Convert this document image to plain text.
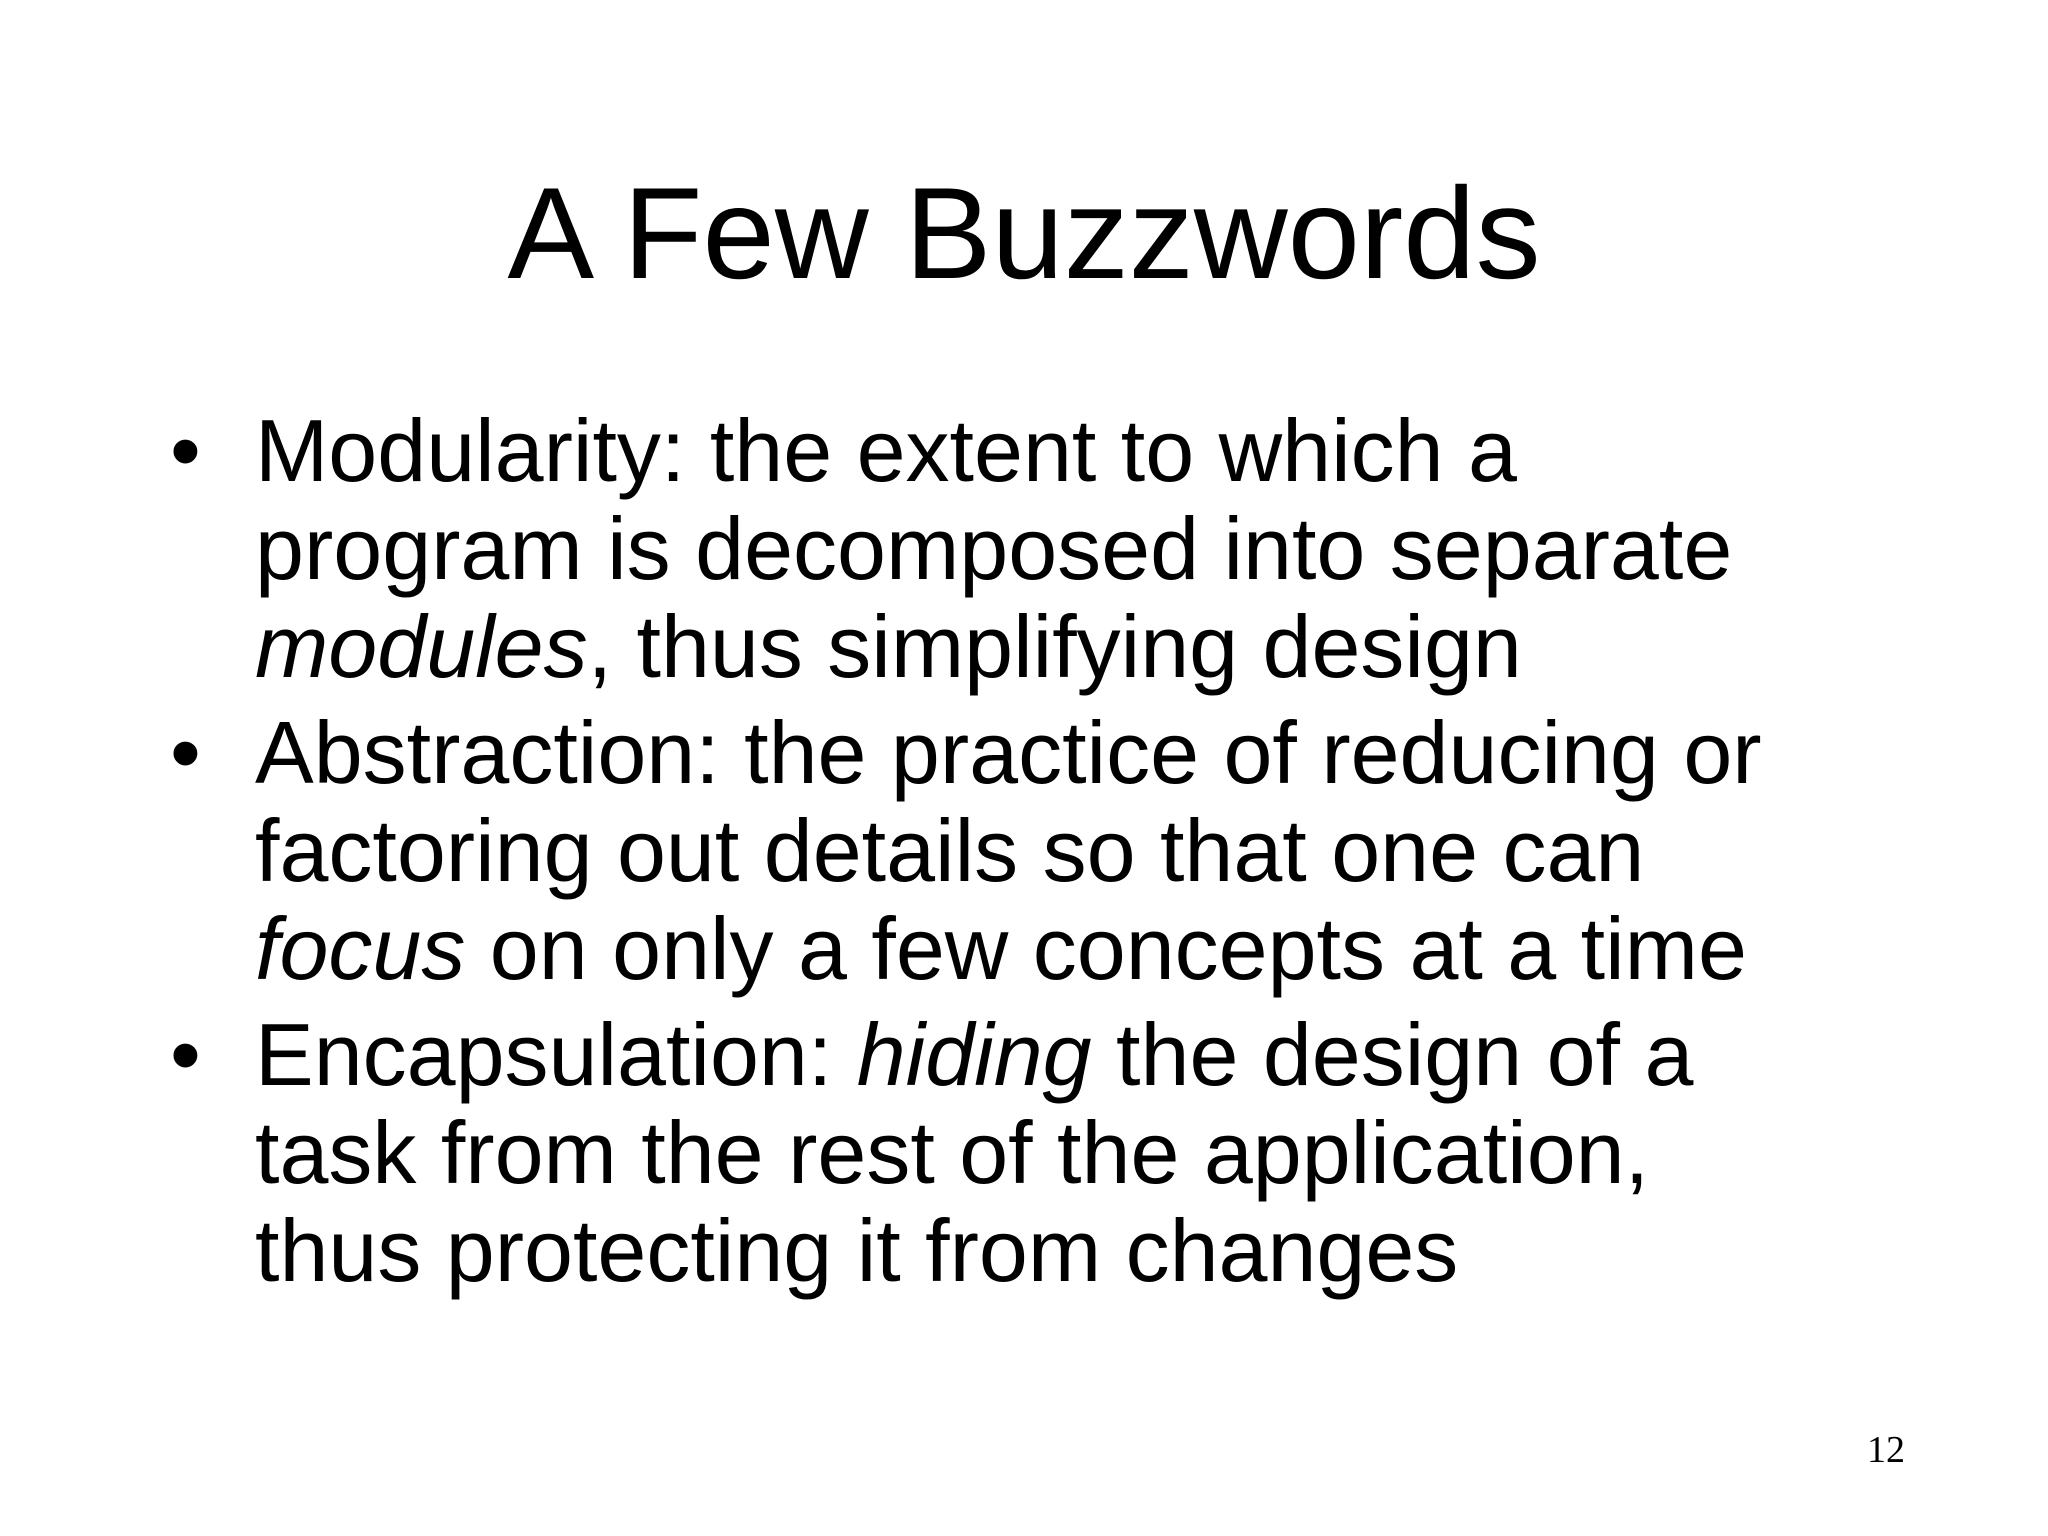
A Few Buzzwords
• Modularity: the extent to which a
program is decomposed into separate
modules, thus simplifying design
• Abstraction: the practice of reducing or
factoring out details so that one can
focus on only a few concepts at a time
• Encapsulation: hiding the design of a
task from the rest of the application,
thus protecting it from changes
12
